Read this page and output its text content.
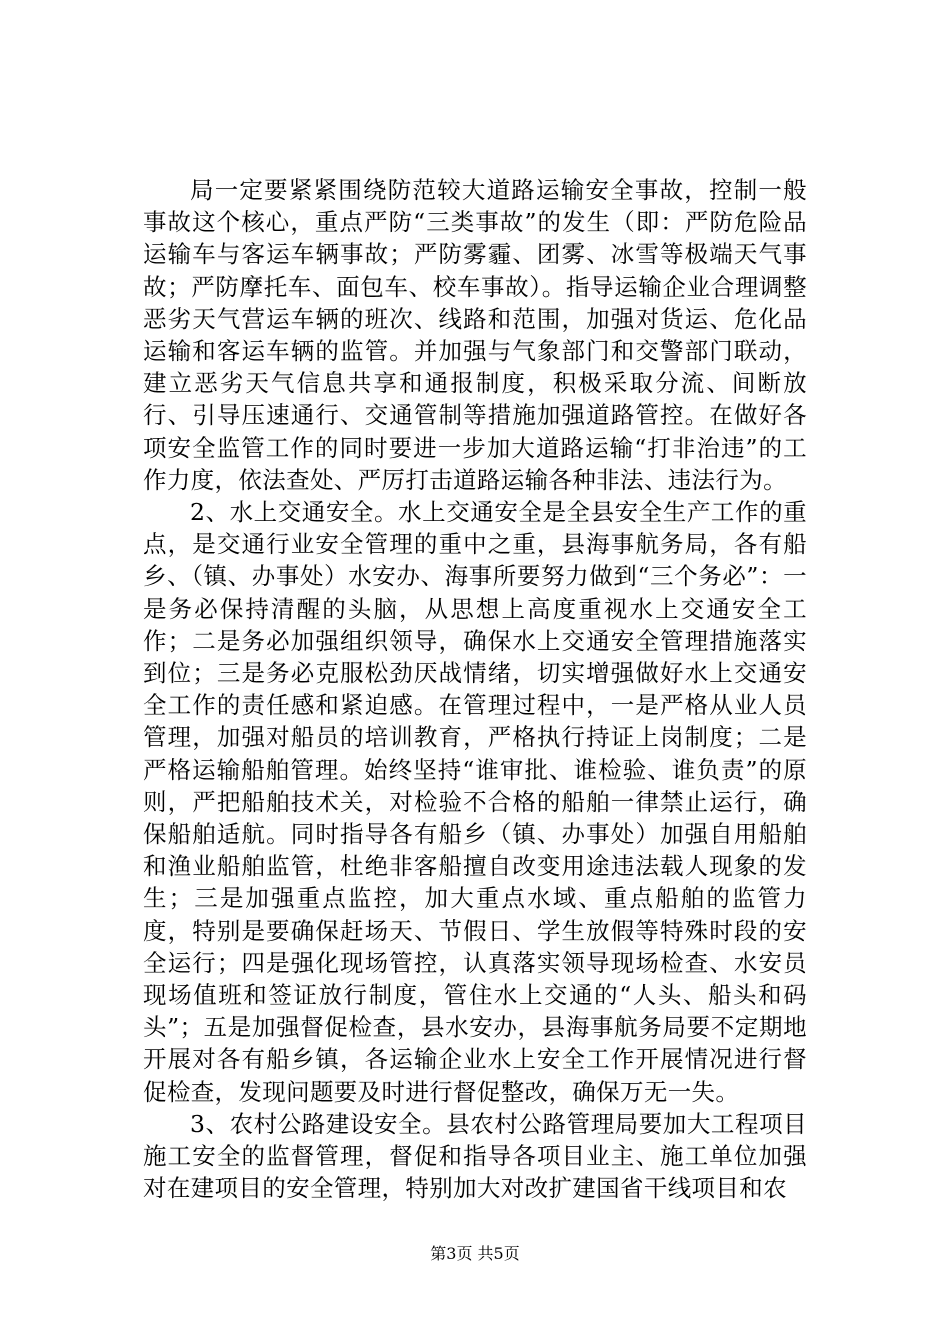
局一定要紧紧围绕防范较大道路运输安全事故，控制一般事故这个核心，重点严防“三类事故”的发生（即：严防危险品运输车与客运车辆事故；严防雾霾、团雾、冰雪等极端天气事故；严防摩托车、面包车、校车事故）。指导运输企业合理调整恶劣天气营运车辆的班次、线路和范围，加强对货运、危化品运输和客运车辆的监管。并加强与气象部门和交警部门联动，建立恶劣天气信息共享和通报制度，积极采取分流、间断放行、引导压速通行、交通管制等措施加强道路管控。在做好各项安全监管工作的同时要进一步加大道路运输“打非治违”的工作力度，依法查处、严厉打击道路运输各种非法、违法行为。

2、水上交通安全。水上交通安全是全县安全生产工作的重点，是交通行业安全管理的重中之重，县海事航务局，各有船乡、（镇、办事处）水安办、海事所要努力做到“三个务必”：一是务必保持清醒的头脑，从思想上高度重视水上交通安全工作；二是务必加强组织领导，确保水上交通安全管理措施落实到位；三是务必克服松劲厌战情绪，切实增强做好水上交通安全工作的责任感和紧迫感。在管理过程中，一是严格从业人员管理，加强对船员的培训教育，严格执行持证上岗制度；二是严格运输船舶管理。始终坚持“谁审批、谁检验、谁负责”的原则，严把船舶技术关，对检验不合格的船舶一律禁止运行，确保船舶适航。同时指导各有船乡（镇、办事处）加强自用船舶和渔业船舶监管，杜绝非客船擅自改变用途违法载人现象的发生；三是加强重点监控，加大重点水域、重点船舶的监管力度，特别是要确保赶场天、节假日、学生放假等特殊时段的安全运行；四是强化现场管控，认真落实领导现场检查、水安员现场值班和签证放行制度，管住水上交通的“人头、船头和码头”；五是加强督促检查，县水安办，县海事航务局要不定期地开展对各有船乡镇，各运输企业水上安全工作开展情况进行督促检查，发现问题要及时进行督促整改，确保万无一失。

3、农村公路建设安全。县农村公路管理局要加大工程项目施工安全的监督管理，督促和指导各项目业主、施工单位加强对在建项目的安全管理，特别加大对改扩建国省干线项目和农

第3页 共5页
